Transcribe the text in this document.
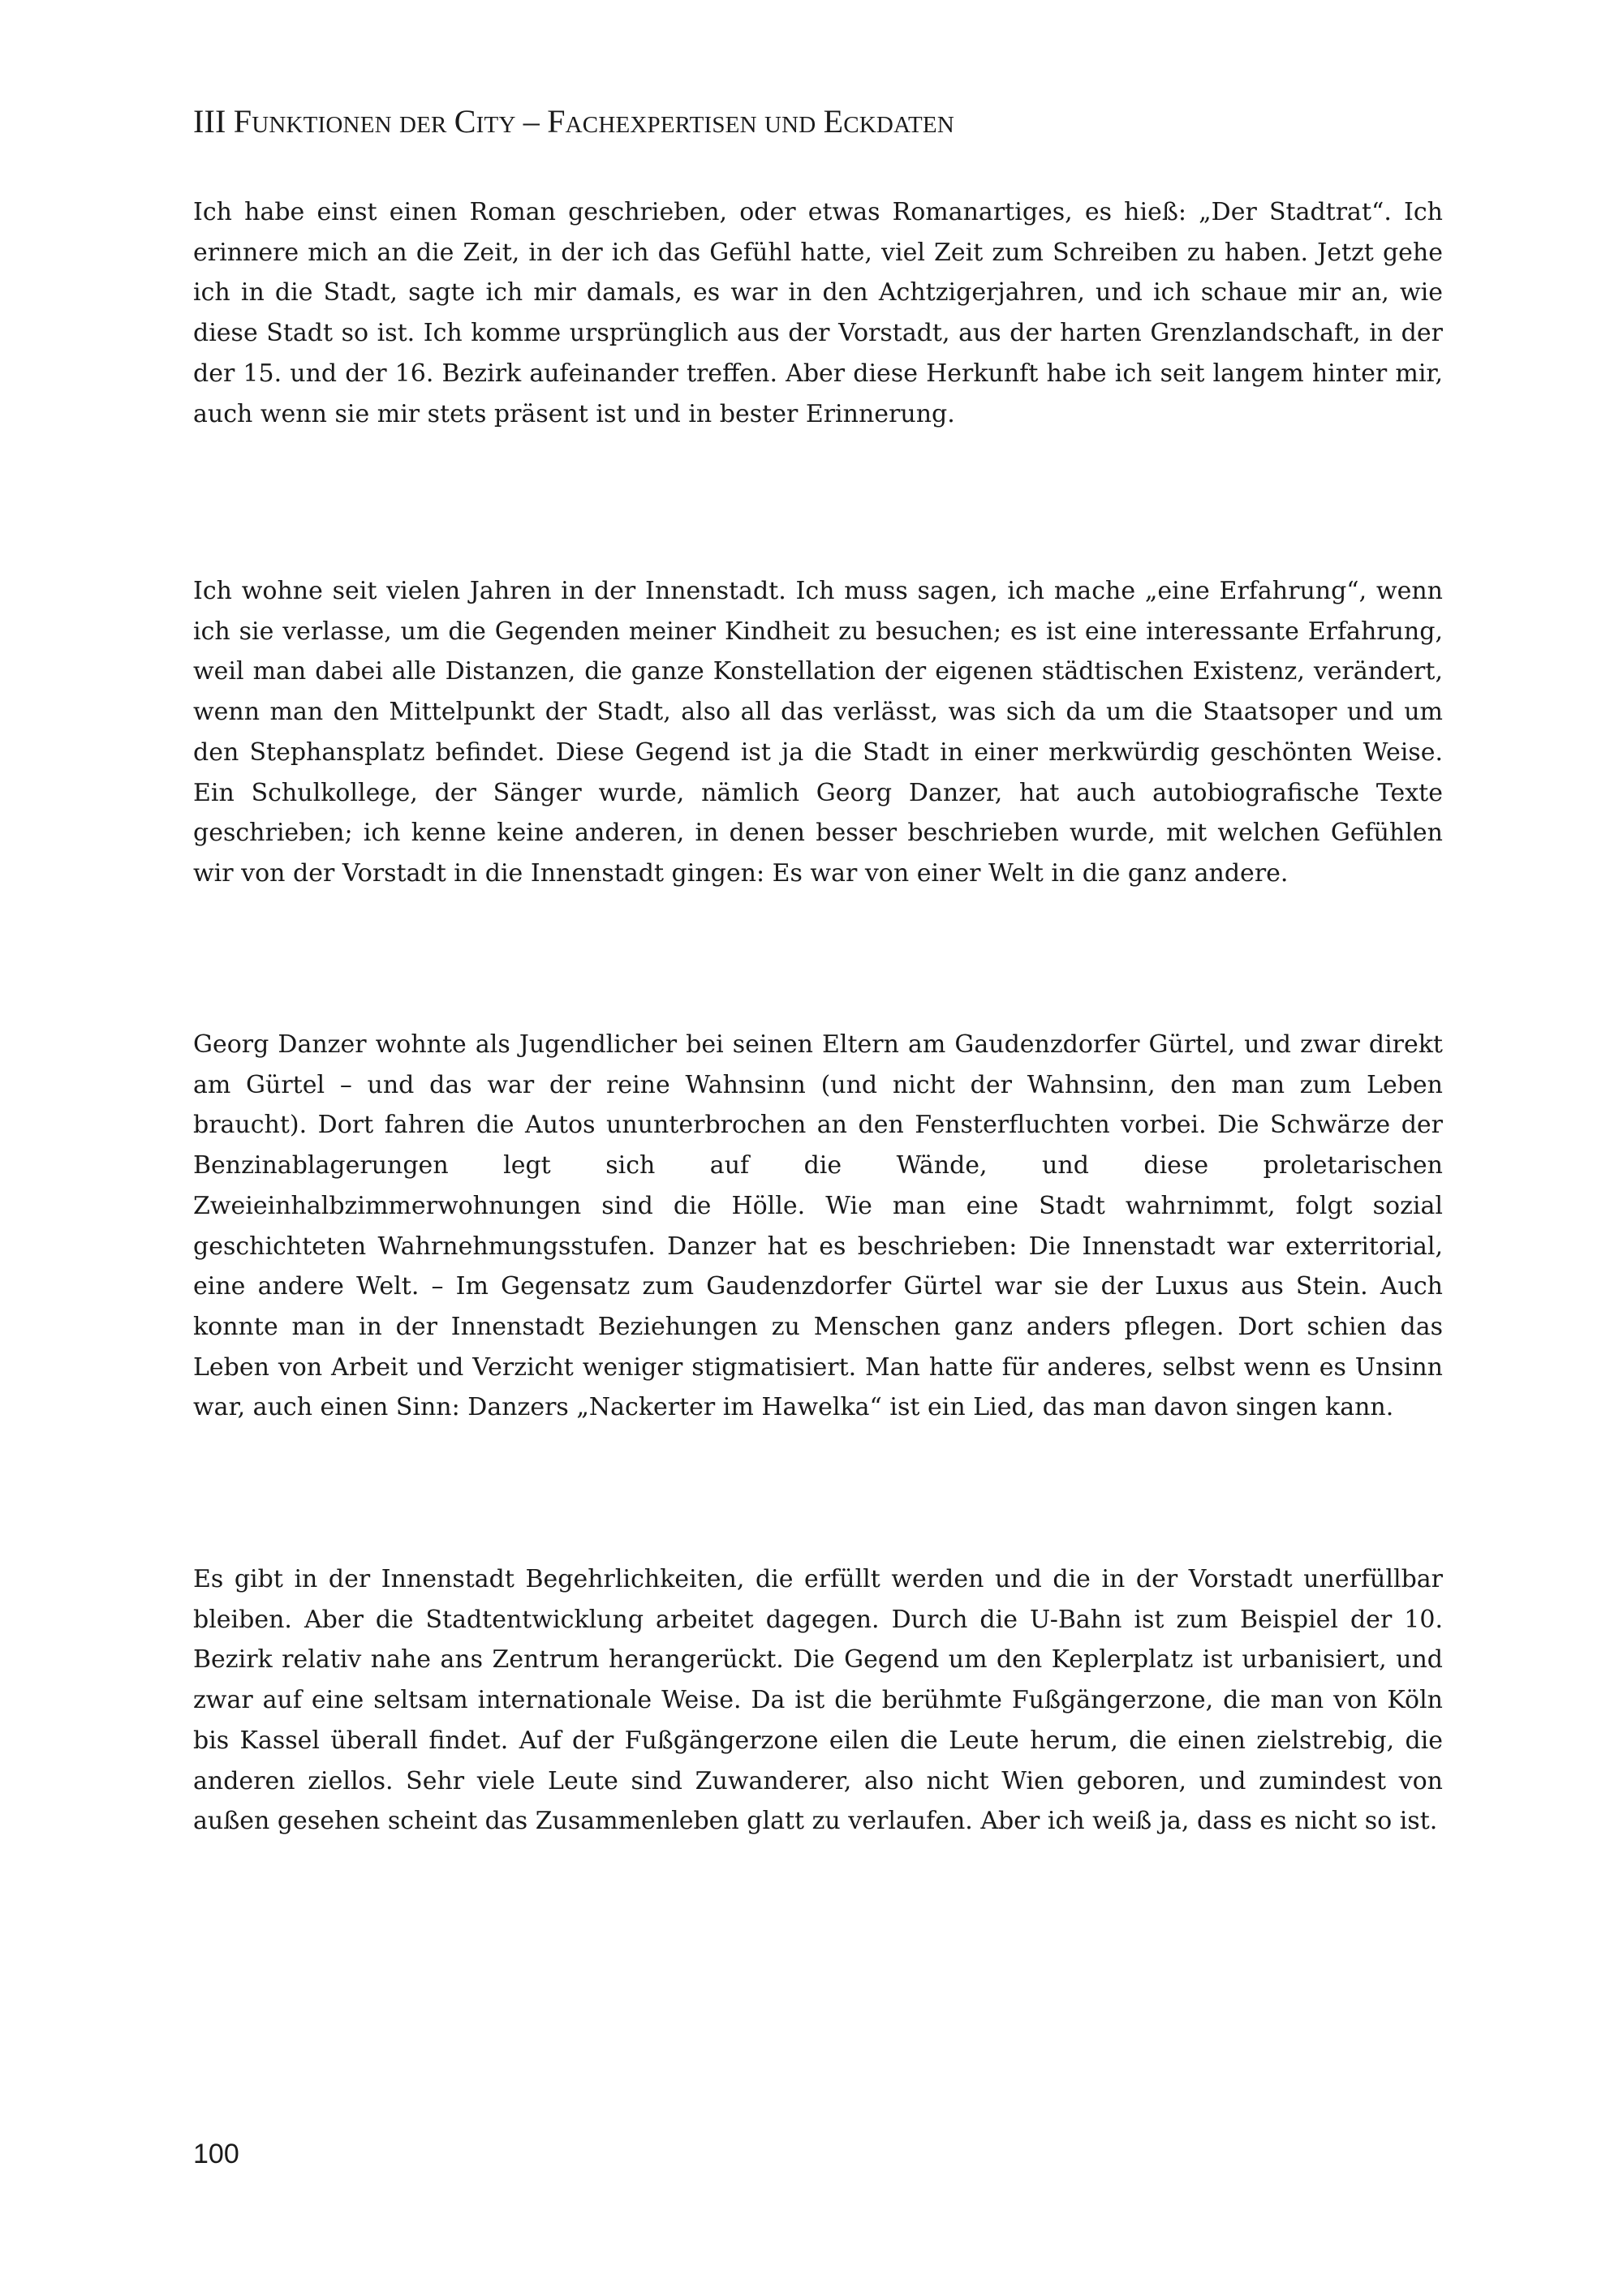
III FUNKTIONEN DER CITY – FACHEXPERTISEN UND ECKDATEN

Ich habe einst einen Roman geschrieben, oder etwas Romanartiges, es hieß: „Der Stadtrat“. Ich erinnere mich an die Zeit, in der ich das Gefühl hatte, viel Zeit zum Schreiben zu haben. Jetzt gehe ich in die Stadt, sagte ich mir damals, es war in den Achtzigerjahren, und ich schaue mir an, wie diese Stadt so ist. Ich komme ursprünglich aus der Vorstadt, aus der harten Grenzlandschaft, in der der 15. und der 16. Bezirk aufeinander treffen. Aber diese Herkunft habe ich seit langem hinter mir, auch wenn sie mir stets präsent ist und in bester Erinnerung.

Ich wohne seit vielen Jahren in der Innenstadt. Ich muss sagen, ich mache „eine Erfahrung“, wenn ich sie verlasse, um die Gegenden meiner Kindheit zu besuchen; es ist eine interessante Erfahrung, weil man dabei alle Distanzen, die ganze Konstellation der eigenen städtischen Existenz, verändert, wenn man den Mittelpunkt der Stadt, also all das verlässt, was sich da um die Staatsoper und um den Stephansplatz befindet. Diese Gegend ist ja die Stadt in einer merkwürdig geschönten Weise. Ein Schulkollege, der Sänger wurde, nämlich Georg Danzer, hat auch autobiografische Texte geschrieben; ich kenne keine anderen, in denen besser beschrieben wurde, mit welchen Gefühlen wir von der Vorstadt in die Innenstadt gingen: Es war von einer Welt in die ganz andere.

Georg Danzer wohnte als Jugendlicher bei seinen Eltern am Gaudenzdorfer Gürtel, und zwar direkt am Gürtel – und das war der reine Wahnsinn (und nicht der Wahnsinn, den man zum Leben braucht). Dort fahren die Autos ununterbrochen an den Fensterfluchten vorbei. Die Schwärze der Benzinablagerungen legt sich auf die Wände, und diese proletarischen Zweieinhalbzimmerwohnungen sind die Hölle. Wie man eine Stadt wahrnimmt, folgt sozial geschichteten Wahrnehmungsstufen. Danzer hat es beschrieben: Die Innenstadt war exterritorial, eine andere Welt. – Im Gegensatz zum Gaudenzdorfer Gürtel war sie der Luxus aus Stein. Auch konnte man in der Innenstadt Beziehungen zu Menschen ganz anders pflegen. Dort schien das Leben von Arbeit und Verzicht weniger stigmatisiert. Man hatte für anderes, selbst wenn es Unsinn war, auch einen Sinn: Danzers „Nackerter im Hawelka“ ist ein Lied, das man davon singen kann.

Es gibt in der Innenstadt Begehrlichkeiten, die erfüllt werden und die in der Vorstadt unerfüllbar bleiben. Aber die Stadtentwicklung arbeitet dagegen. Durch die U-Bahn ist zum Beispiel der 10. Bezirk relativ nahe ans Zentrum herangerückt. Die Gegend um den Keplerplatz ist urbanisiert, und zwar auf eine seltsam internationale Weise. Da ist die berühmte Fußgängerzone, die man von Köln bis Kassel überall findet. Auf der Fußgängerzone eilen die Leute herum, die einen zielstrebig, die anderen ziellos. Sehr viele Leute sind Zuwanderer, also nicht Wien geboren, und zumindest von außen gesehen scheint das Zusammenleben glatt zu verlaufen. Aber ich weiß ja, dass es nicht so ist.

100
